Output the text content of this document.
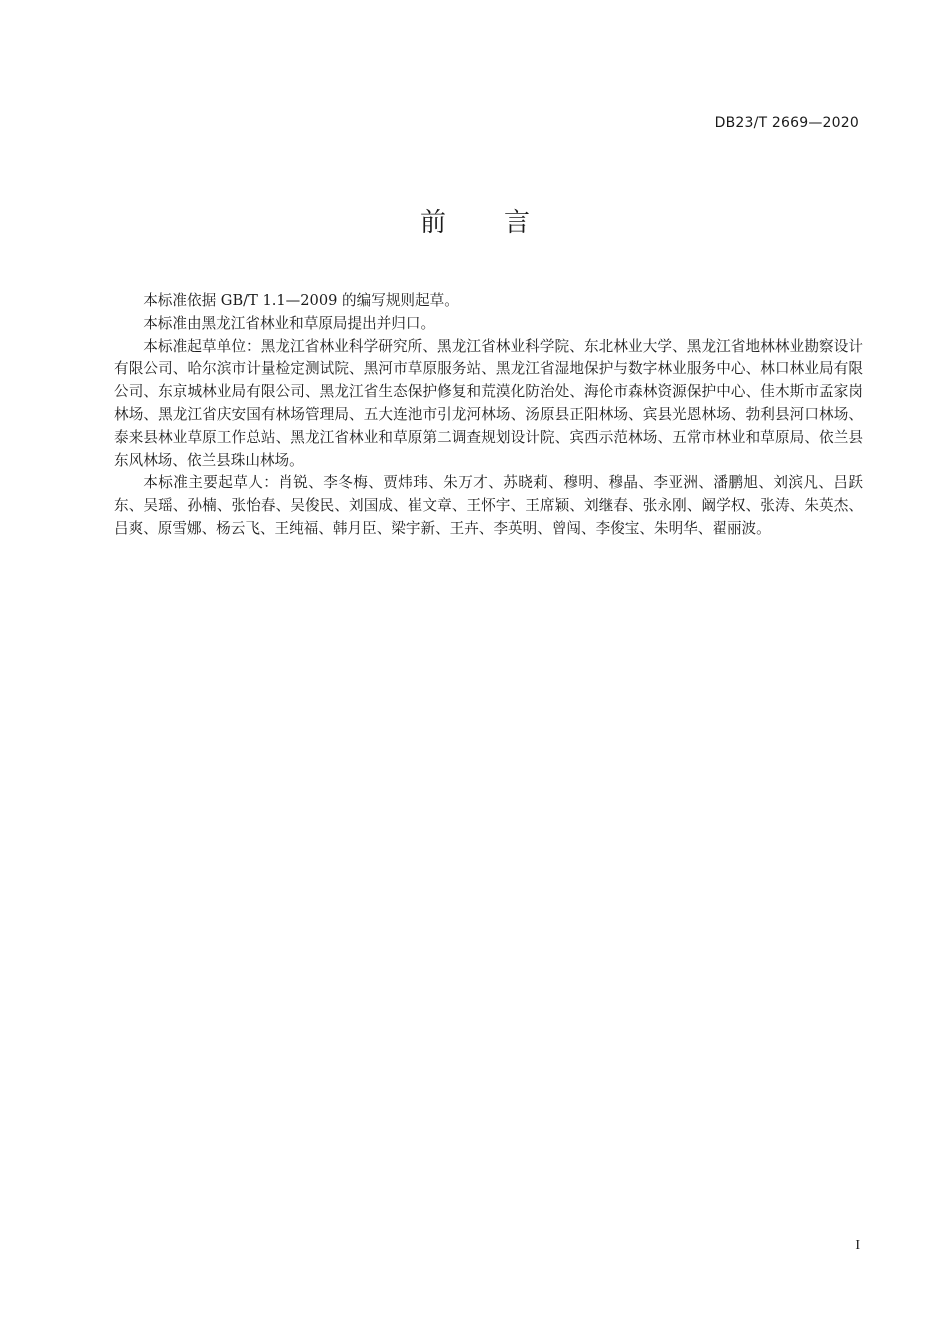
DB23/T 2669—2020
前言

本标准依据 GB/T 1.1—2009 的编写规则起草。

本标准由黑龙江省林业和草原局提出并归口。

本标准起草单位：黑龙江省林业科学研究所、黑龙江省林业科学院、东北林业大学、黑龙江省地林林业勘察设计有限公司、哈尔滨市计量检定测试院、黑河市草原服务站、黑龙江省湿地保护与数字林业服务中心、林口林业局有限公司、东京城林业局有限公司、黑龙江省生态保护修复和荒漠化防治处、海伦市森林资源保护中心、佳木斯市孟家岗林场、黑龙江省庆安国有林场管理局、五大连池市引龙河林场、汤原县正阳林场、宾县光恩林场、勃利县河口林场、泰来县林业草原工作总站、黑龙江省林业和草原第二调查规划设计院、宾西示范林场、五常市林业和草原局、依兰县东风林场、依兰县珠山林场。

本标准主要起草人：肖锐、李冬梅、贾炜玮、朱万才、苏晓莉、穆明、穆晶、李亚洲、潘鹏旭、刘滨凡、吕跃东、吴瑶、孙楠、张怡春、吴俊民、刘国成、崔文章、王怀宇、王席颖、刘继春、张永刚、阚学权、张涛、朱英杰、吕爽、原雪娜、杨云飞、王纯福、韩月臣、梁宇新、王卉、李英明、曾闯、李俊宝、朱明华、翟丽波。

I
